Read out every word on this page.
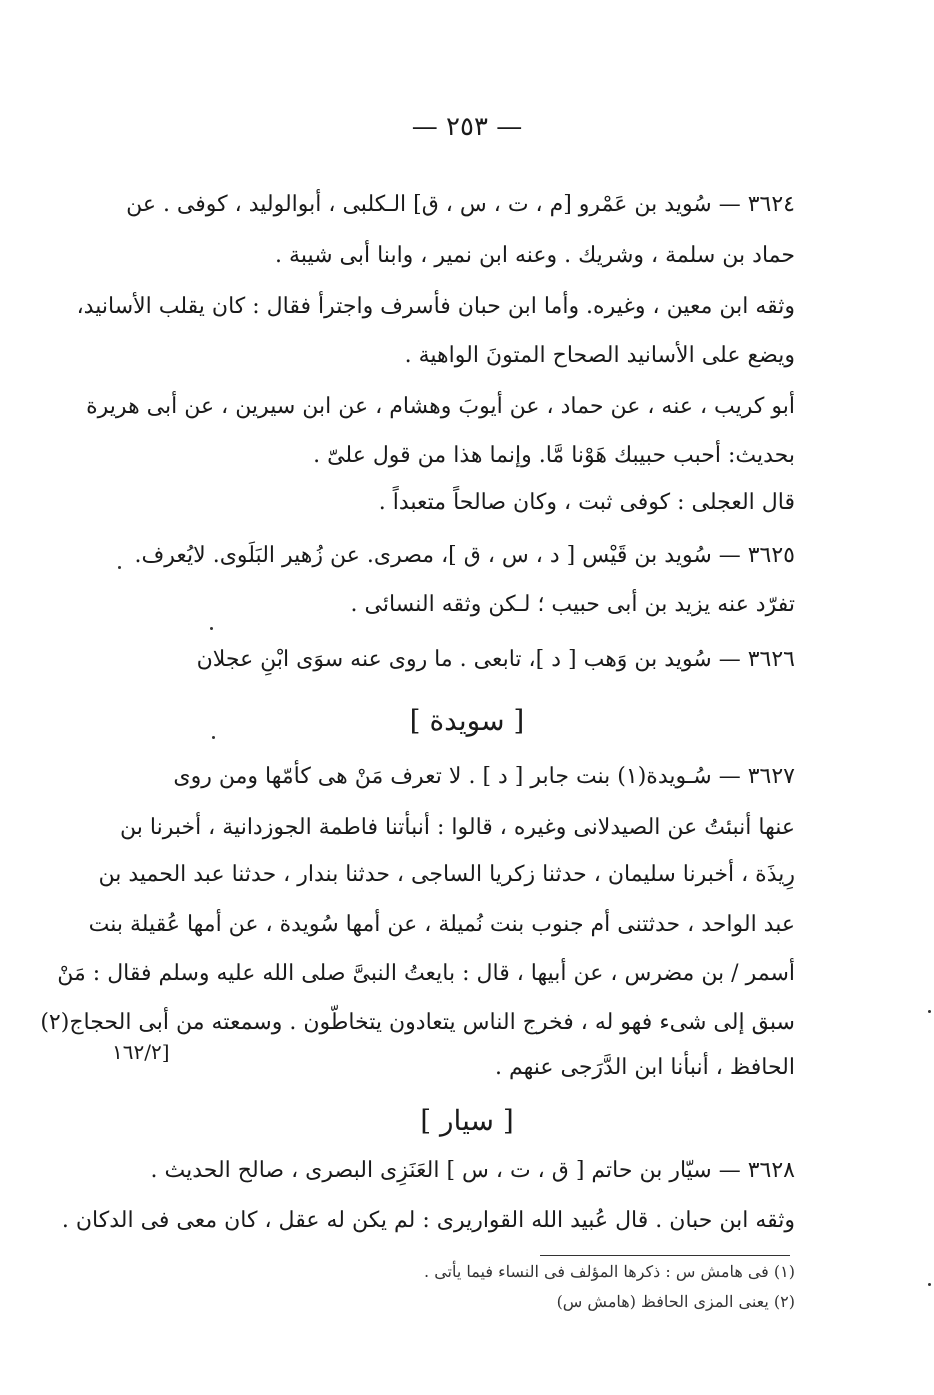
— ٢٥٣ —
٣٦٢٤ — سُويد بن عَمْرو [م ، ت ، س ، ق] الـكلبى ، أبوالوليد ، كوفى . عن
حماد بن سلمة ، وشريك . وعنه ابن نمير ، وابنا أبى شيبة .
وثقه ابن معين ، وغيره. وأما ابن حبان فأسرف واجترأ فقال : كان يقلب الأسانيد،
ويضع على الأسانيد الصحاح المتونَ الواهية .
أبو كريب ، عنه ، عن حماد ، عن أيوبَ وهشام ، عن ابن سيرين ، عن أبى هريرة
بحديث: أحبب حبيبك هَوْنا مَّا. وإنما هذا من قول علىّ .
قال العجلى : كوفى ثبت ، وكان صالحاً متعبداً .
٣٦٢٥ — سُويد بن قَيْس [ د ، س ، ق ]، مصرى. عن زُهير البَلَوى. لايُعرف.
تفرّد عنه يزيد بن أبى حبيب ؛ لـكن وثقه النسائى .
٣٦٢٦ — سُويد بن وَهب [ د ]، تابعى . ما روى عنه سوَى ابْنِ عجلان
[ سويدة ]
٣٦٢٧ — سُـويدة(١) بنت جابر [ د ] . لا تعرف مَنْ هى كأمّها ومن روى
عنها أنبئتُ عن الصيدلانى وغيره ، قالوا : أنبأتنا فاطمة الجوزدانية ، أخبرنا بن
رِيذَة ، أخبرنا سليمان ، حدثنا زكريا الساجى ، حدثنا بندار ، حدثنا عبد الحميد بن
عبد الواحد ، حدثتنى أم جنوب بنت نُميلة ، عن أمها سُويدة ، عن أمها عُقيلة بنت
أسمر / بن مضرس ، عن أبيها ، قال : بايعتُ النبىَّ صلى الله عليه وسلم فقال : مَنْ
سبق إلى شىء فهو له ، فخرج الناس يتعادون يتخاطّون . وسمعته من أبى الحجاج(٢)
الحافظ ، أنبأنا ابن الدَّرَجى عنهم .
[١٦٢/٢
[ سيار ]
٣٦٢٨ — سيّار بن حاتم [ ق ، ت ، س ] العَنَزِى البصرى ، صالح الحديث .
وثقه ابن حبان . قال عُبيد الله القواريرى : لم يكن له عقل ، كان معى فى الدكان .
(١) فى هامش س : ذكرها المؤلف فى النساء فيما يأتى .
(٢) يعنى المزى الحافظ (هامش س)
